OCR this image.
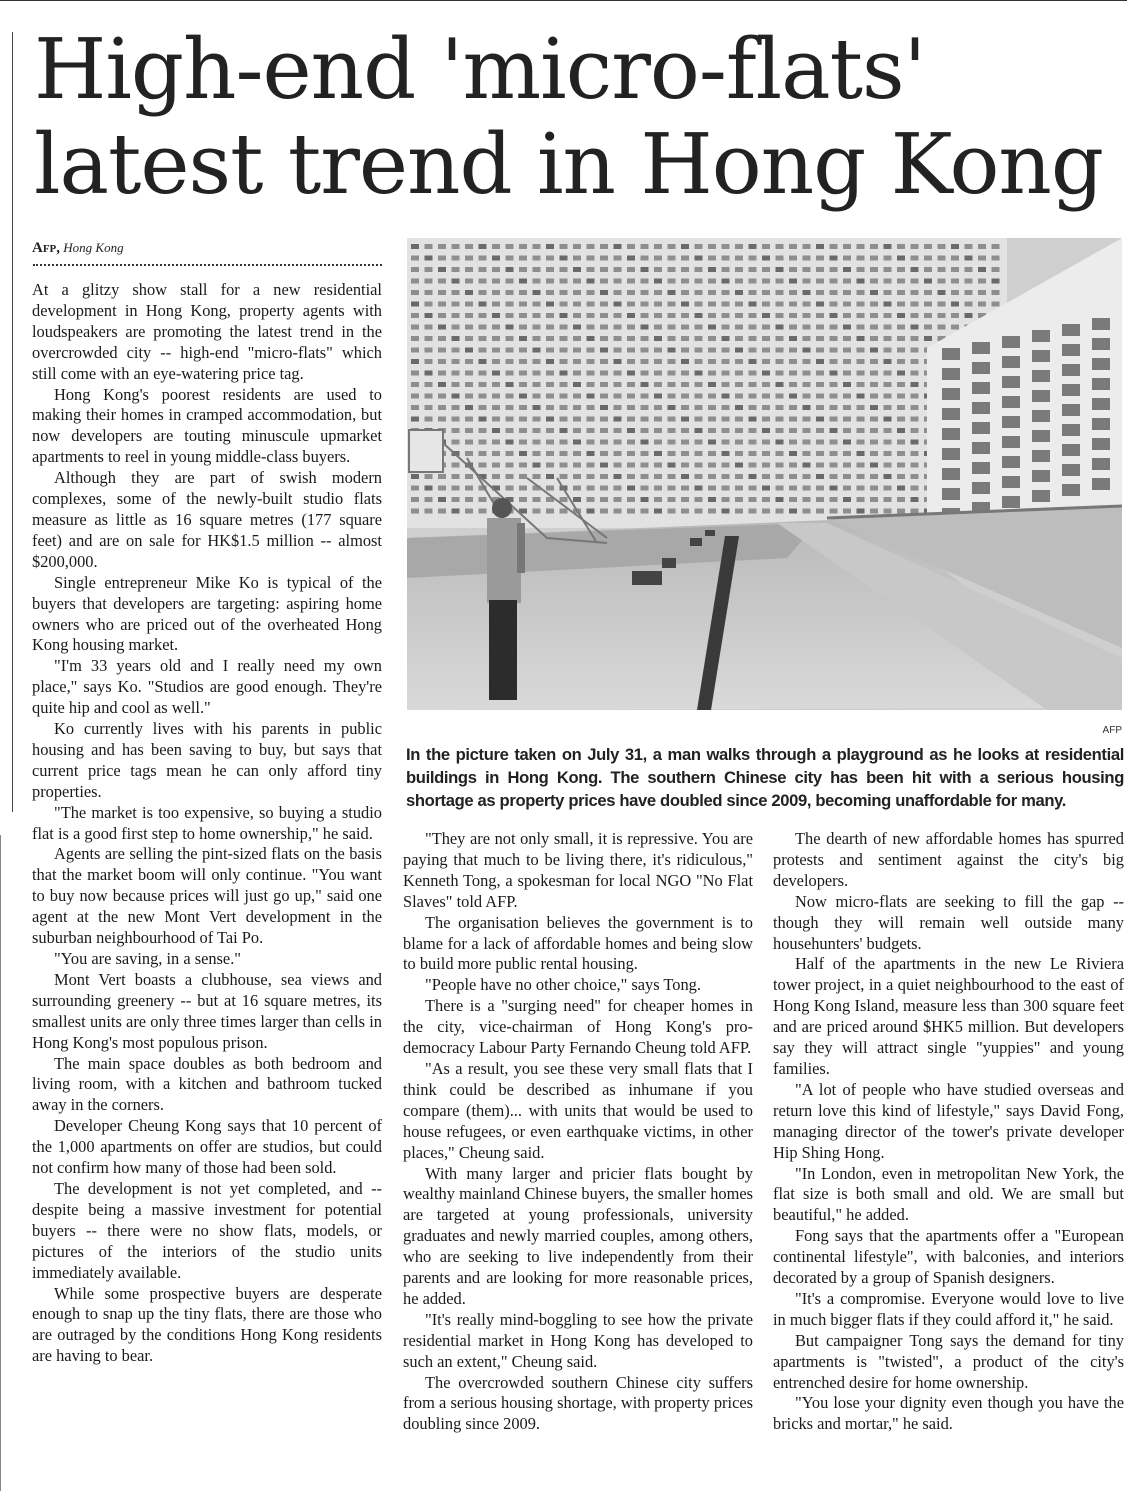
High-end 'micro-flats' latest trend in Hong Kong
Afp, Hong Kong
AFP

In the picture taken on July 31, a man walks through a playground as he looks at residential buildings in Hong Kong. The southern Chinese city has been hit with a serious housing shortage as property prices have doubled since 2009, becoming unaffordable for many.

At a glitzy show stall for a new residential development in Hong Kong, property agents with loudspeakers are promoting the latest trend in the overcrowded city -- high-end "micro-flats" which still come with an eye-watering price tag.

Hong Kong's poorest residents are used to making their homes in cramped accommodation, but now developers are touting minuscule upmarket apartments to reel in young middle-class buyers.

Although they are part of swish modern complexes, some of the newly-built studio flats measure as little as 16 square metres (177 square feet) and are on sale for HK$1.5 million -- almost $200,000.

Single entrepreneur Mike Ko is typical of the buyers that developers are targeting: aspiring home owners who are priced out of the overheated Hong Kong housing market.

"I'm 33 years old and I really need my own place," says Ko. "Studios are good enough. They're quite hip and cool as well."

Ko currently lives with his parents in public housing and has been saving to buy, but says that current price tags mean he can only afford tiny properties.

"The market is too expensive, so buying a studio flat is a good first step to home ownership," he said.

Agents are selling the pint-sized flats on the basis that the market boom will only continue. "You want to buy now because prices will just go up," said one agent at the new Mont Vert development in the suburban neighbourhood of Tai Po.

"You are saving, in a sense."

Mont Vert boasts a clubhouse, sea views and surrounding greenery -- but at 16 square metres, its smallest units are only three times larger than cells in Hong Kong's most populous prison.

The main space doubles as both bedroom and living room, with a kitchen and bathroom tucked away in the corners.

Developer Cheung Kong says that 10 percent of the 1,000 apartments on offer are studios, but could not confirm how many of those had been sold.

The development is not yet completed, and -- despite being a massive investment for potential buyers -- there were no show flats, models, or pictures of the interiors of the studio units immediately available.

While some prospective buyers are desperate enough to snap up the tiny flats, there are those who are outraged by the conditions Hong Kong residents are having to bear.

"They are not only small, it is repressive. You are paying that much to be living there, it's ridiculous," Kenneth Tong, a spokesman for local NGO "No Flat Slaves" told AFP.

The organisation believes the government is to blame for a lack of affordable homes and being slow to build more public rental housing.

"People have no other choice," says Tong.

There is a "surging need" for cheaper homes in the city, vice-chairman of Hong Kong's pro-democracy Labour Party Fernando Cheung told AFP.

"As a result, you see these very small flats that I think could be described as inhumane if you compare (them)... with units that would be used to house refugees, or even earthquake victims, in other places," Cheung said.

With many larger and pricier flats bought by wealthy mainland Chinese buyers, the smaller homes are targeted at young professionals, university graduates and newly married couples, among others, who are seeking to live independently from their parents and are looking for more reasonable prices, he added.

"It's really mind-boggling to see how the private residential market in Hong Kong has developed to such an extent," Cheung said.

The overcrowded southern Chinese city suffers from a serious housing shortage, with property prices doubling since 2009.

The dearth of new affordable homes has spurred protests and sentiment against the city's big developers.

Now micro-flats are seeking to fill the gap -- though they will remain well outside many househunters' budgets.

Half of the apartments in the new Le Riviera tower project, in a quiet neighbourhood to the east of Hong Kong Island, measure less than 300 square feet and are priced around $HK5 million. But developers say they will attract single "yuppies" and young families.

"A lot of people who have studied overseas and return love this kind of lifestyle," says David Fong, managing director of the tower's private developer Hip Shing Hong.

"In London, even in metropolitan New York, the flat size is both small and old. We are small but beautiful," he added.

Fong says that the apartments offer a "European continental lifestyle", with balconies, and interiors decorated by a group of Spanish designers.

"It's a compromise. Everyone would love to live in much bigger flats if they could afford it," he said.

But campaigner Tong says the demand for tiny apartments is "twisted", a product of the city's entrenched desire for home ownership.

"You lose your dignity even though you have the bricks and mortar," he said.
